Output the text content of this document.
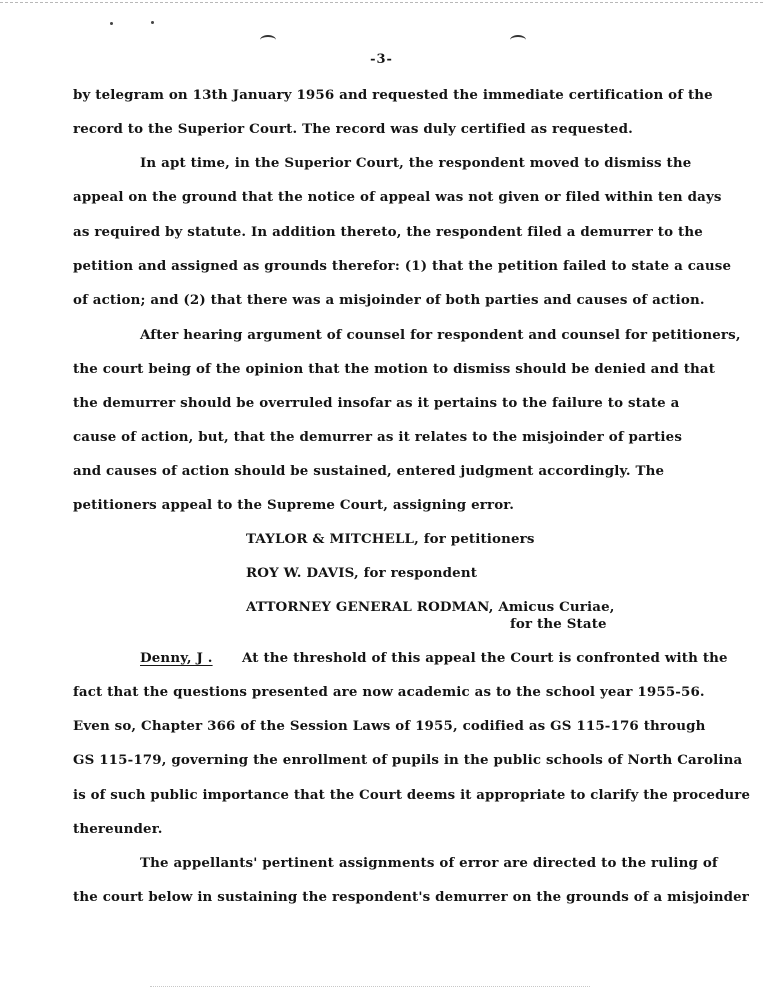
-3-
by telegram on 13th January 1956 and requested the immediate certification of the
record to the Superior Court. The record was duly certified as requested.
In apt time, in the Superior Court, the respondent moved to dismiss the
appeal on the ground that the notice of appeal was not given or filed within ten days
as required by statute. In addition thereto, the respondent filed a demurrer to the
petition and assigned as grounds therefor: (1) that the petition failed to state a cause
of action; and (2) that there was a misjoinder of both parties and causes of action.
After hearing argument of counsel for respondent and counsel for petitioners,
the court being of the opinion that the motion to dismiss should be denied and that
the demurrer should be overruled insofar as it pertains to the failure to state a
cause of action, but, that the demurrer as it relates to the misjoinder of parties
and causes of action should be sustained, entered judgment accordingly. The
petitioners appeal to the Supreme Court, assigning error.
TAYLOR & MITCHELL, for petitioners
ROY W. DAVIS, for respondent
ATTORNEY GENERAL RODMAN, Amicus Curiae,
for the State
Denny, J . At the threshold of this appeal the Court is confronted with the
fact that the questions presented are now academic as to the school year 1955-56.
Even so, Chapter 366 of the Session Laws of 1955, codified as GS 115-176 through
GS 115-179, governing the enrollment of pupils in the public schools of North Carolina
is of such public importance that the Court deems it appropriate to clarify the procedure
thereunder.
The appellants' pertinent assignments of error are directed to the ruling of
the court below in sustaining the respondent's demurrer on the grounds of a misjoinder
